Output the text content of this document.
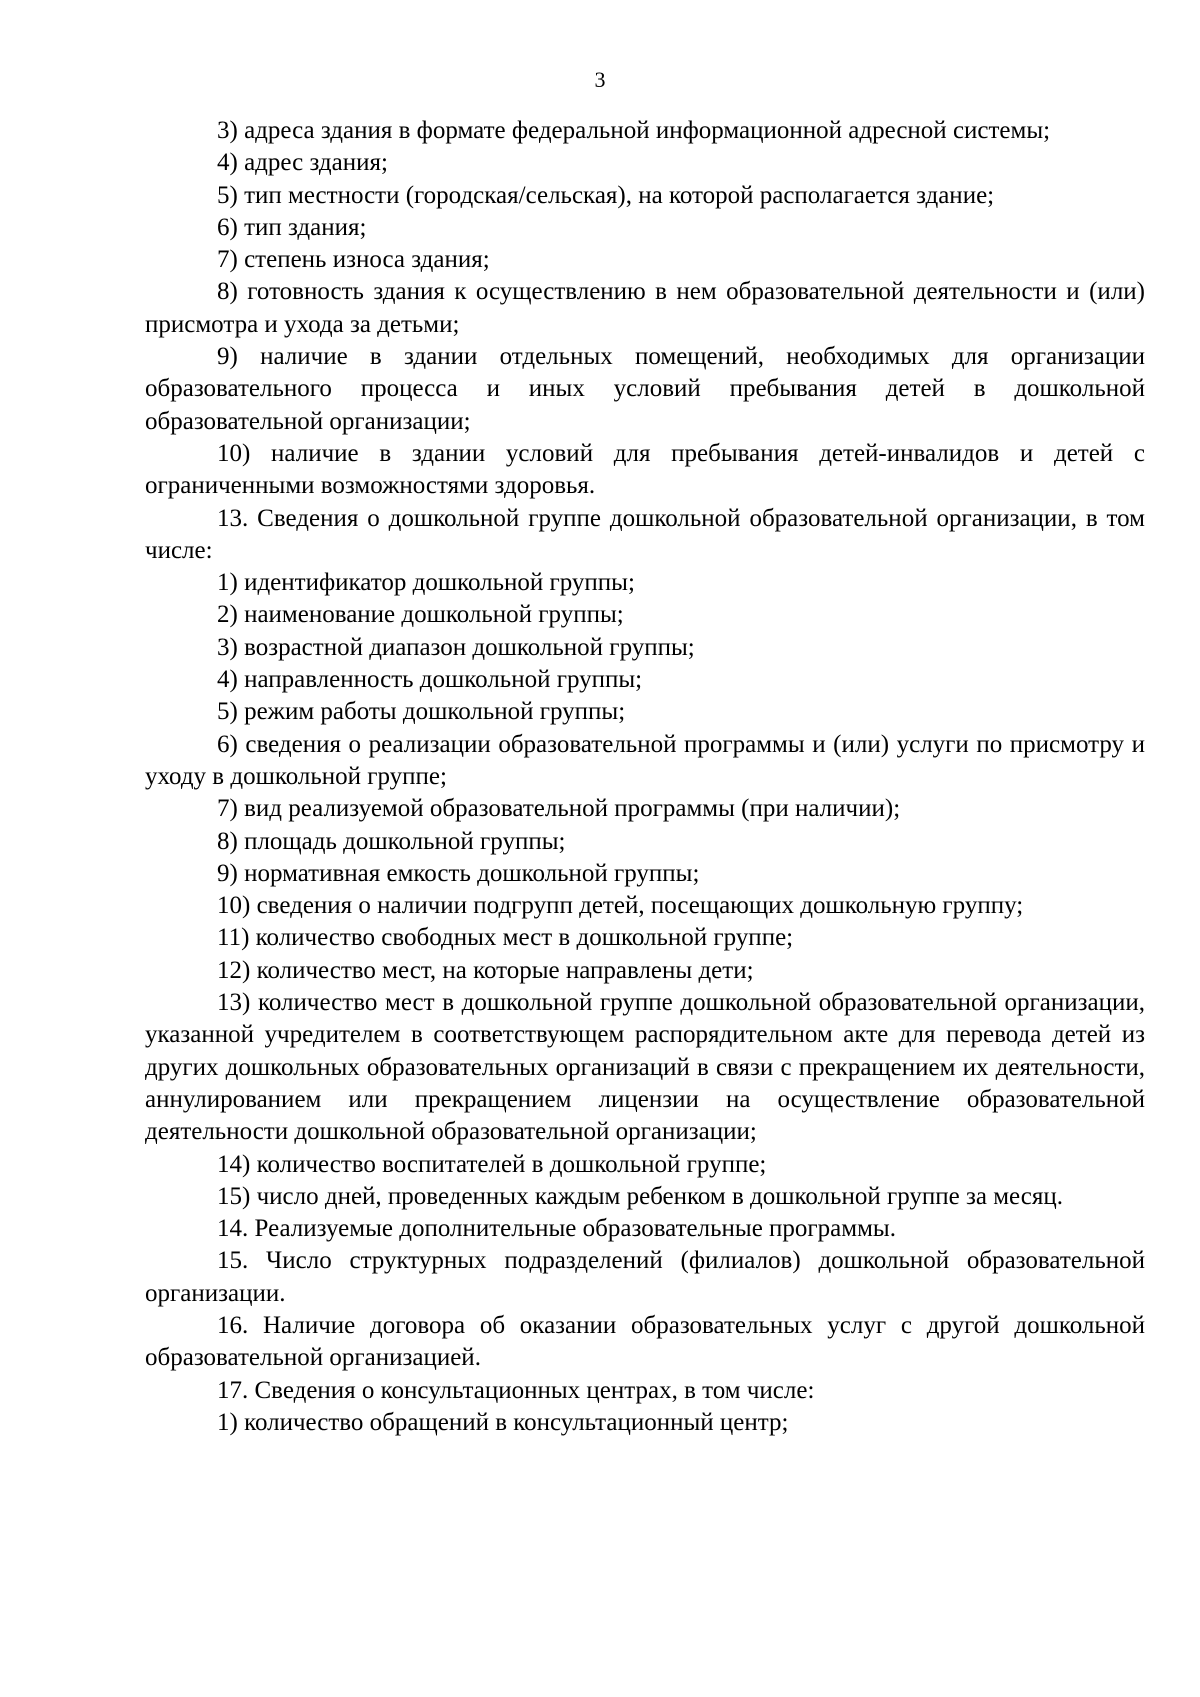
3

3) адреса здания в формате федеральной информационной адресной системы;

4) адрес здания;

5) тип местности (городская/сельская), на которой располагается здание;

6) тип здания;

7) степень износа здания;

8) готовность здания к осуществлению в нем образовательной деятельности и (или) присмотра и ухода за детьми;

9) наличие в здании отдельных помещений, необходимых для организации образовательного процесса и иных условий пребывания детей в дошкольной образовательной организации;

10) наличие в здании условий для пребывания детей-инвалидов и детей с ограниченными возможностями здоровья.

13. Сведения о дошкольной группе дошкольной образовательной организации, в том числе:

1) идентификатор дошкольной группы;

2) наименование дошкольной группы;

3) возрастной диапазон дошкольной группы;

4) направленность дошкольной группы;

5) режим работы дошкольной группы;

6) сведения о реализации образовательной программы и (или) услуги по присмотру и уходу в дошкольной группе;

7) вид реализуемой образовательной программы (при наличии);

8) площадь дошкольной группы;

9) нормативная емкость дошкольной группы;

10) сведения о наличии подгрупп детей, посещающих дошкольную группу;

11) количество свободных мест в дошкольной группе;

12) количество мест, на которые направлены дети;

13) количество мест в дошкольной группе дошкольной образовательной организации, указанной учредителем в соответствующем распорядительном акте для перевода детей из других дошкольных образовательных организаций в связи с прекращением их деятельности, аннулированием или прекращением лицензии на осуществление образовательной деятельности дошкольной образовательной организации;

14) количество воспитателей в дошкольной группе;

15) число дней, проведенных каждым ребенком в дошкольной группе за месяц.

14. Реализуемые дополнительные образовательные программы.

15. Число структурных подразделений (филиалов) дошкольной образовательной организации.

16. Наличие договора об оказании образовательных услуг с другой дошкольной образовательной организацией.

17. Сведения о консультационных центрах, в том числе:

1) количество обращений в консультационный центр;
